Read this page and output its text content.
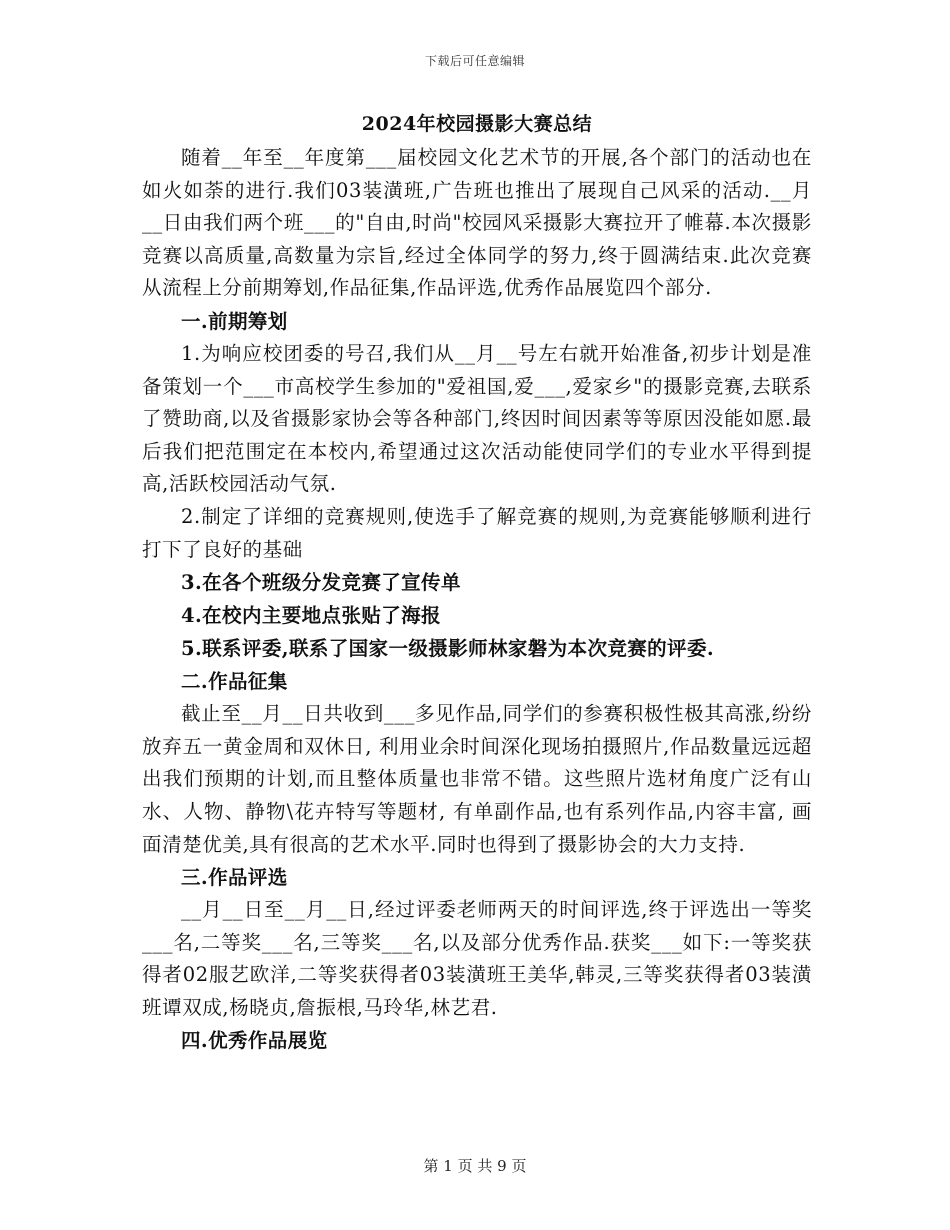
下载后可任意编辑
2024年校园摄影大赛总结

随着__年至__年度第___届校园文化艺术节的开展,各个部门的活动也在如火如荼的进行.我们03装潢班,广告班也推出了展现自己风采的活动.__月__日由我们两个班___的"自由,时尚"校园风采摄影大赛拉开了帷幕.本次摄影竞赛以高质量,高数量为宗旨,经过全体同学的努力,终于圆满结束.此次竞赛从流程上分前期筹划,作品征集,作品评选,优秀作品展览四个部分.

一.前期筹划

1.为响应校团委的号召,我们从__月__号左右就开始准备,初步计划是准备策划一个___市高校学生参加的"爱祖国,爱___,爱家乡"的摄影竞赛,去联系了赞助商,以及省摄影家协会等各种部门,终因时间因素等等原因没能如愿.最后我们把范围定在本校内,希望通过这次活动能使同学们的专业水平得到提高,活跃校园活动气氛.

2.制定了详细的竞赛规则,使选手了解竞赛的规则,为竞赛能够顺利进行打下了良好的基础

3.在各个班级分发竞赛了宣传单

4.在校内主要地点张贴了海报

5.联系评委,联系了国家一级摄影师林家磐为本次竞赛的评委.

二.作品征集

截止至__月__日共收到___多见作品,同学们的参赛积极性极其高涨,纷纷放弃五一黄金周和双休日, 利用业余时间深化现场拍摄照片,作品数量远远超出我们预期的计划,而且整体质量也非常不错。这些照片选材角度广泛有山水、人物、静物\花卉特写等题材, 有单副作品,也有系列作品,内容丰富, 画面清楚优美,具有很高的艺术水平.同时也得到了摄影协会的大力支持.

三.作品评选

__月__日至__月__日,经过评委老师两天的时间评选,终于评选出一等奖___名,二等奖___名,三等奖___名,以及部分优秀作品.获奖___如下:一等奖获得者02服艺欧洋,二等奖获得者03装潢班王美华,韩灵,三等奖获得者03装潢班谭双成,杨晓贞,詹振根,马玲华,林艺君.

四.优秀作品展览

第 1 页 共 9 页
